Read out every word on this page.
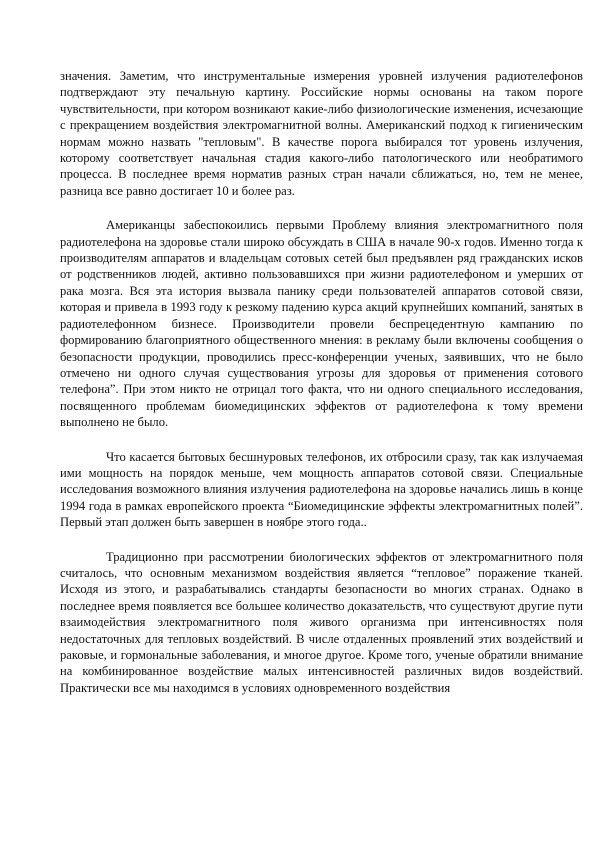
значения. Заметим, что инструментальные измерения уровней излучения радиотелефонов подтверждают эту печальную картину. Российские нормы основаны на таком пороге чувствительности, при котором возникают какие-либо физиологические изменения, исчезающие с прекращением воздействия электромагнитной волны. Американский подход к гигиеническим нормам можно назвать "тепловым". В качестве порога выбирался тот уровень излучения, которому соответствует начальная стадия какого-либо патологического или необратимого процесса. В последнее время норматив разных стран начали сближаться, но, тем не менее, разница все равно достигает 10 и более раз.

Американцы забеспокоились первыми Проблему влияния электромагнитного поля радиотелефона на здоровье стали широко обсуждать в США в начале 90-х годов. Именно тогда к производителям аппаратов и владельцам сотовых сетей был предъявлен ряд гражданских исков от родственников людей, активно пользовавшихся при жизни радиотелефоном и умерших от рака мозга. Вся эта история вызвала панику среди пользователей аппаратов сотовой связи, которая и привела в 1993 году к резкому падению курса акций крупнейших компаний, занятых в радиотелефонном бизнесе. Производители провели беспрецедентную кампанию по формированию благоприятного общественного мнения: в рекламу были включены сообщения о безопасности продукции, проводились пресс-конференции ученых, заявивших, что не было отмечено ни одного случая существования угрозы для здоровья от применения сотового телефона”. При этом никто не отрицал того факта, что ни одного специального исследования, посвященного проблемам биомедицинских эффектов от радиотелефона к тому времени выполнено не было.

Что касается бытовых бесшнуровых телефонов, их отбросили сразу, так как излучаемая ими мощность на порядок меньше, чем мощность аппаратов сотовой связи. Специальные исследования возможного влияния излучения радиотелефона на здоровье начались лишь в конце 1994 года в рамках европейского проекта “Биомедицинские эффекты электромагнитных полей”. Первый этап должен быть завершен в ноябре этого года..

Традиционно при рассмотрении биологических эффектов от электромагнитного поля считалось, что основным механизмом воздействия является “тепловое” поражение тканей. Исходя из этого, и разрабатывались стандарты безопасности во многих странах. Однако в последнее время появляется все большее количество доказательств, что существуют другие пути взаимодействия электромагнитного поля живого организма при интенсивностях поля недостаточных для тепловых воздействий. В числе отдаленных проявлений этих воздействий и раковые, и гормональные заболевания, и многое другое. Кроме того, ученые обратили внимание на комбинированное воздействие малых интенсивностей различных видов воздействий. Практически все мы находимся в условиях одновременного воздействия
